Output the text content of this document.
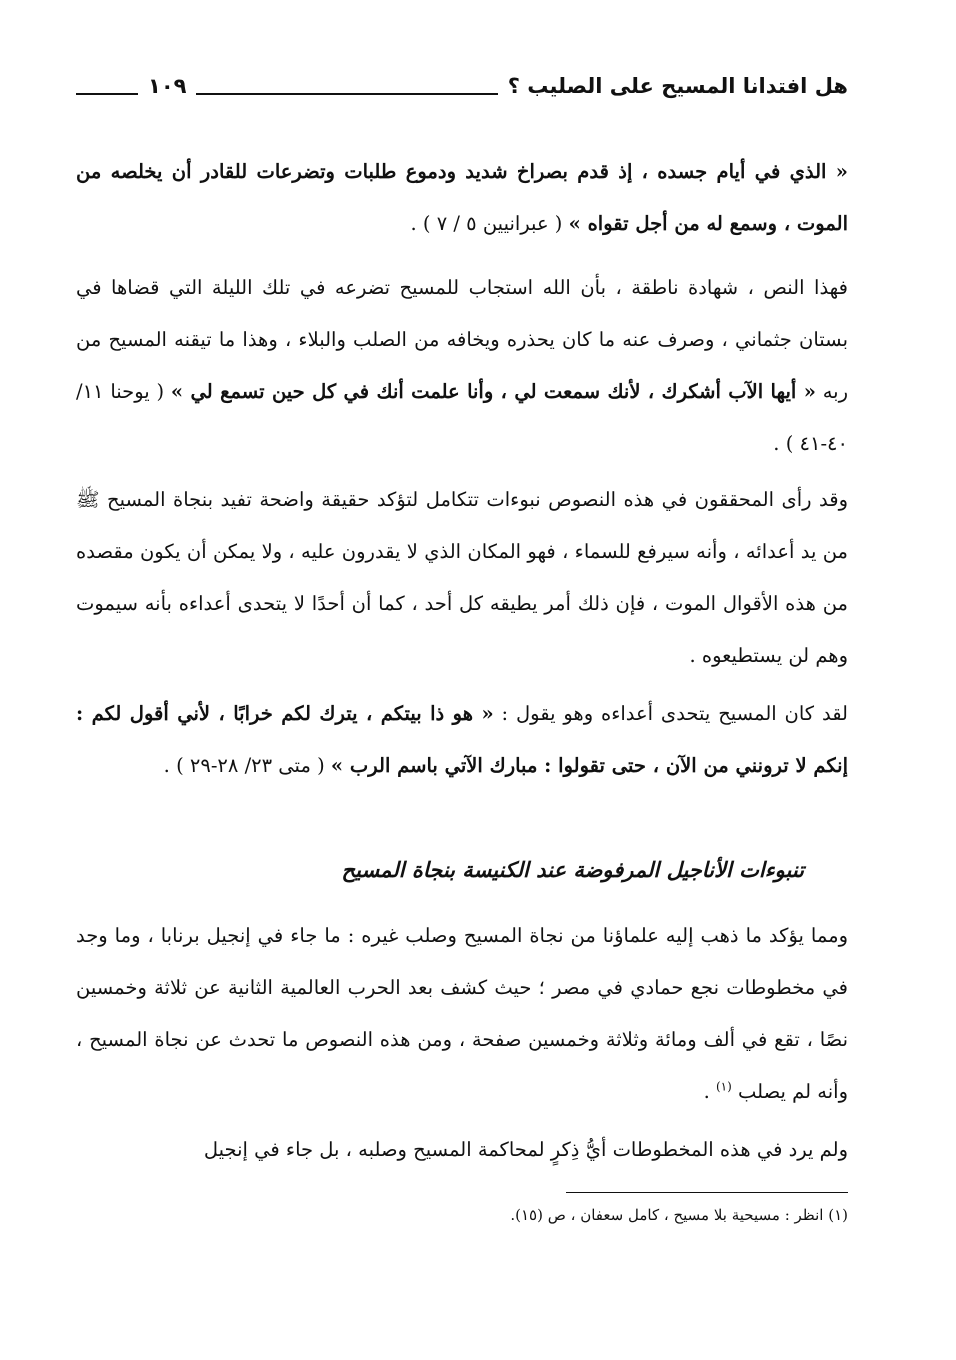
هل افتدانا المسيح على الصليب ؟
١٠٩

« الذي في أيام جسده ، إذ قدم بصراخ شديد ودموع طلبات وتضرعات للقادر أن يخلصه من الموت ، وسمع له من أجل تقواه » ( عبرانيين ٥ / ٧ ) .

فهذا النص ، شهادة ناطقة ، بأن الله استجاب للمسيح تضرعه في تلك الليلة التي قضاها في بستان جثماني ، وصرف عنه ما كان يحذره ويخافه من الصلب والبلاء ، وهذا ما تيقنه المسيح من ربه « أيها الآب أشكرك ، لأنك سمعت لي ، وأنا علمت أنك في كل حين تسمع لي » ( يوحنا ١١/ ٤٠-٤١ ) .

وقد رأى المحققون في هذه النصوص نبوءات تتكامل لتؤكد حقيقة واضحة تفيد بنجاة المسيح ﷺ من يد أعدائه ، وأنه سيرفع للسماء ، فهو المكان الذي لا يقدرون عليه ، ولا يمكن أن يكون مقصده من هذه الأقوال الموت ، فإن ذلك أمر يطيقه كل أحد ، كما أن أحدًا لا يتحدى أعداءه بأنه سيموت وهم لن يستطيعوه .

لقد كان المسيح يتحدى أعداءه وهو يقول : « هو ذا بيتكم ، يترك لكم خرابًا ، لأني أقول لكم : إنكم لا ترونني من الآن ، حتى تقولوا : مبارك الآتي باسم الرب » ( متى ٢٣/ ٢٨-٢٩ ) .

تنبوءات الأناجيل المرفوضة عند الكنيسة بنجاة المسيح

ومما يؤكد ما ذهب إليه علماؤنا من نجاة المسيح وصلب غيره : ما جاء في إنجيل برنابا ، وما وجد في مخطوطات نجع حمادي في مصر ؛ حيث كشف بعد الحرب العالمية الثانية عن ثلاثة وخمسين نصًا ، تقع في ألف ومائة وثلاثة وخمسين صفحة ، ومن هذه النصوص ما تحدث عن نجاة المسيح ، وأنه لم يصلب $^{(١)}$ .

ولم يرد في هذه المخطوطات أيُّ ذِكرٍ لمحاكمة المسيح وصلبه ، بل جاء في إنجيل

(١) انظر : مسيحية بلا مسيح ، كامل سعفان ، ص (١٥).
